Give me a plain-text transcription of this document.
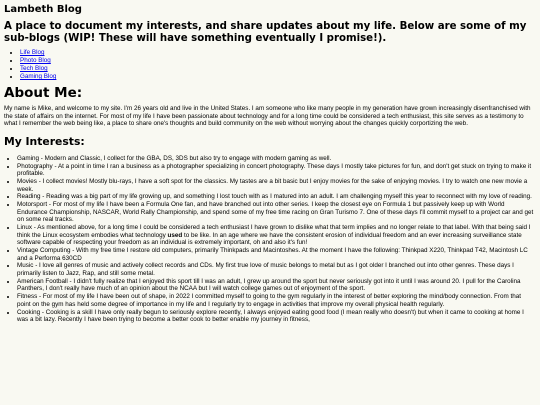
Lambeth Blog
A place to document my interests, and share updates about my life. Below are some of my sub-blogs (WIP! These will have something eventually I promise!).
• Life Blog
• Photo Blog
• Tech Blog
• Gaming Blog
About Me:

My name is Mike, and welcome to my site. I'm 26 years old and live in the United States. I am someone who like many people in my generation have grown increasingly disenfranchised with the state of affairs on the internet. For most of my life I have been passionate about technology and for a long time could be considered a tech enthusiast, this site serves as a testimony to what I remember the web being like, a place to share one's thoughts and build community on the web without worrying about the changes quickly corportizing the web.

My Interests:
• Gaming - Modern and Classic, I collect for the GBA, DS, 3DS but also try to engage with modern gaming as well.
• Photography - At a point in time I ran a business as a photographer specializing in concert photography. These days I mostly take pictures for fun, and don't get stuck on trying to make it profitable.
• Movies - I collect movies! Mostly blu-rays, I have a soft spot for the classics. My tastes are a bit basic but I enjoy movies for the sake of enjoying movies. I try to watch one new movie a week.
• Reading - Reading was a big part of my life growing up, and something I lost touch with as I matured into an adult. I am challenging myself this year to reconnect with my love of reading.
• Motorsport - For most of my life I have been a Formula One fan, and have branched out into other series. I keep the closest eye on Formula 1 but passively keep up with World Endurance Championship, NASCAR, World Rally Championship, and spend some of my free time racing on Gran Turismo 7. One of these days I'll commit myself to a project car and get on some real tracks.
• Linux - As mentioned above, for a long time I could be considered a tech enthusiast I have grown to dislike what that term implies and no longer relate to that label. With that being said I think the Linux ecosystem embodies what technology used to be like. In an age where we have the consistent erosion of individual freedom and an ever increasing surveillance state software capable of respecting your freedom as an individual is extremely important, oh and also it's fun!
• Vintage Computing - With my free time I restore old computers, primarily Thinkpads and Macintoshes. At the moment I have the following: Thinkpad X220, Thinkpad T42, Macintosh LC and a Performa 630CD
• Music - I love all genres of music and actively collect records and CDs. My first true love of music belongs to metal but as I got older I branched out into other genres. These days I primarily listen to Jazz, Rap, and still some metal.
• American Football - I didn't fully realize that I enjoyed this sport till I was an adult, I grew up around the sport but never seriously got into it until I was around 20. I pull for the Carolina Panthers, I don't really have much of an opinion about the NCAA but I will watch college games out of enjoyment of the sport.
• Fitness - For most of my life I have been out of shape, in 2022 I committed myself to going to the gym regularly in the interest of better exploring the mind/body connection. From that point on the gym has held some degree of importance in my life and I regularly try to engage in activities that improve my overall physical health regularly.
• Cooking - Cooking is a skill I have only really begun to seriously explore recently, I always enjoyed eating good food (I mean really who doesn't) but when it came to cooking at home I was a bit lazy. Recently I have been trying to become a better cook to better enable my journey in fitness,
